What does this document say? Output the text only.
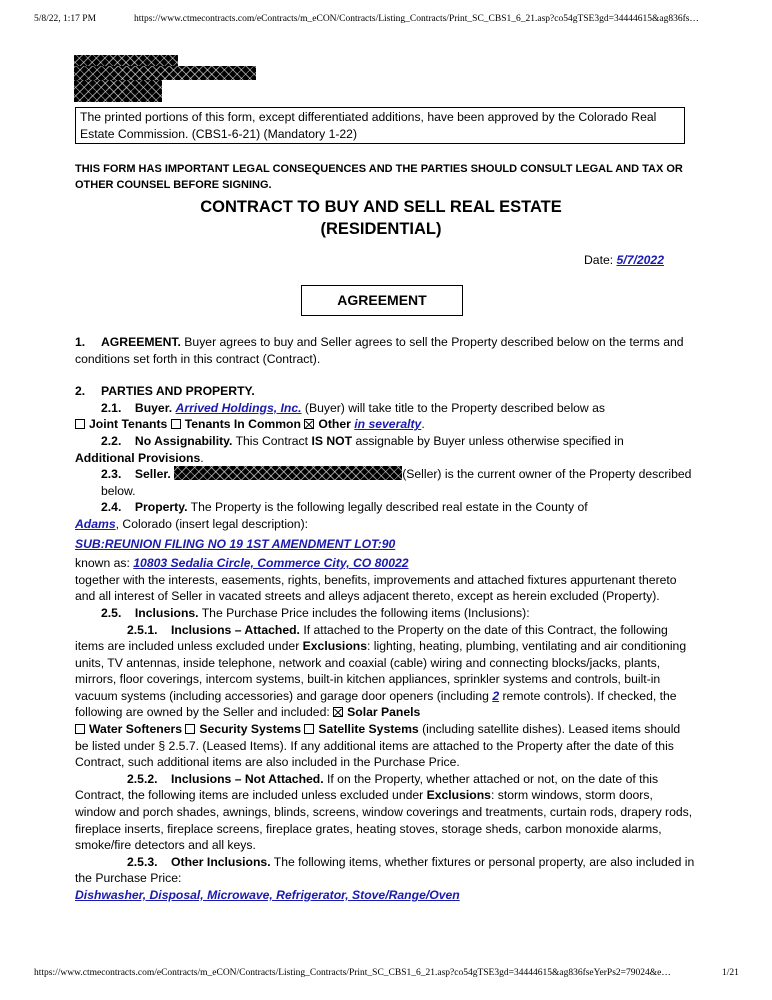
5/8/22, 1:17 PM	https://www.ctmecontracts.com/eContracts/m_eCON/Contracts/Listing_Contracts/Print_SC_CBS1_6_21.asp?co54gTSE3gd=34444615&ag836fs…
The printed portions of this form, except differentiated additions, have been approved by the Colorado Real Estate Commission. (CBS1-6-21) (Mandatory 1-22)
THIS FORM HAS IMPORTANT LEGAL CONSEQUENCES AND THE PARTIES SHOULD CONSULT LEGAL AND TAX OR OTHER COUNSEL BEFORE SIGNING.
CONTRACT TO BUY AND SELL REAL ESTATE
(RESIDENTIAL)
Date: 5/7/2022
AGREEMENT

1. AGREEMENT. Buyer agrees to buy and Seller agrees to sell the Property described below on the terms and conditions set forth in this contract (Contract).

2. PARTIES AND PROPERTY.

2.1. Buyer. Arrived Holdings, Inc. (Buyer) will take title to the Property described below as

Joint Tenants Tenants In Common Other in severalty.

2.2. No Assignability. This Contract IS NOT assignable by Buyer unless otherwise specified in

Additional Provisions.

2.3. Seller.	(Seller) is the current owner of the Property described below.

2.4. Property. The Property is the following legally described real estate in the County of

Adams, Colorado (insert legal description):

SUB:REUNION FILING NO 19 1ST AMENDMENT LOT:90

known as: 10803 Sedalia Circle, Commerce City, CO 80022

together with the interests, easements, rights, benefits, improvements and attached fixtures appurtenant thereto and all interest of Seller in vacated streets and alleys adjacent thereto, except as herein excluded (Property).

2.5. Inclusions. The Purchase Price includes the following items (Inclusions):

2.5.1. Inclusions – Attached. If attached to the Property on the date of this Contract, the following items are included unless excluded under Exclusions: lighting, heating, plumbing, ventilating and air conditioning units, TV antennas, inside telephone, network and coaxial (cable) wiring and connecting blocks/jacks, plants, mirrors, floor coverings, intercom systems, built-in kitchen appliances, sprinkler systems and controls, built-in vacuum systems (including accessories) and garage door openers (including 2 remote controls). If checked, the following are owned by the Seller and included: Solar Panels
Water Softeners Security Systems Satellite Systems (including satellite dishes). Leased items should be listed under § 2.5.7. (Leased Items). If any additional items are attached to the Property after the date of this Contract, such additional items are also included in the Purchase Price.

2.5.2. Inclusions – Not Attached. If on the Property, whether attached or not, on the date of this Contract, the following items are included unless excluded under Exclusions: storm windows, storm doors, window and porch shades, awnings, blinds, screens, window coverings and treatments, curtain rods, drapery rods, fireplace inserts, fireplace screens, fireplace grates, heating stoves, storage sheds, carbon monoxide alarms, smoke/fire detectors and all keys.

2.5.3. Other Inclusions. The following items, whether fixtures or personal property, are also included in the Purchase Price:

Dishwasher, Disposal, Microwave, Refrigerator, Stove/Range/Oven

https://www.ctmecontracts.com/eContracts/m_eCON/Contracts/Listing_Contracts/Print_SC_CBS1_6_21.asp?co54gTSE3gd=34444615&ag836fseYerPs2=79024&e…	1/21
